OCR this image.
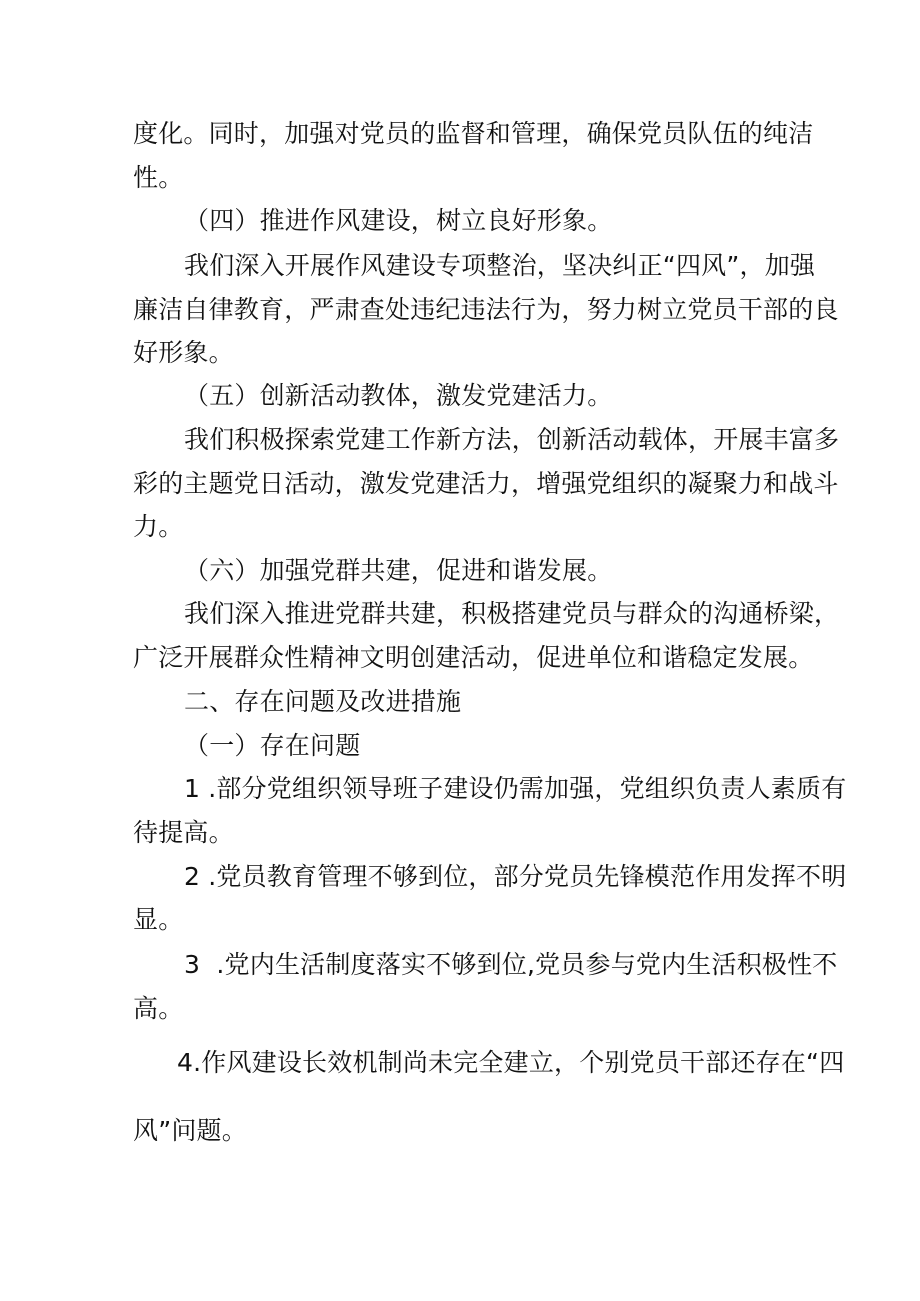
度化。同时，加强对党员的监督和管理，确保党员队伍的纯洁
性。
（四）推进作风建设，树立良好形象。
我们深入开展作风建设专项整治，坚决纠正“四风”，加强
廉洁自律教育，严肃查处违纪违法行为，努力树立党员干部的良
好形象。
（五）创新活动教体，激发党建活力。
我们积极探索党建工作新方法，创新活动载体，开展丰富多
彩的主题党日活动，激发党建活力，增强党组织的凝聚力和战斗
力。
（六）加强党群共建，促进和谐发展。
我们深入推进党群共建，积极搭建党员与群众的沟通桥梁，
广泛开展群众性精神文明创建活动，促进单位和谐稳定发展。
二、存在问题及改进措施
（一）存在问题
1 .部分党组织领导班子建设仍需加强，党组织负责人素质有
待提高。
2 .党员教育管理不够到位，部分党员先锋模范作用发挥不明
显。
3  .党内生活制度落实不够到位,党员参与党内生活积极性不
高。
4.作风建设长效机制尚未完全建立，个别党员干部还存在“四
风”问题。
